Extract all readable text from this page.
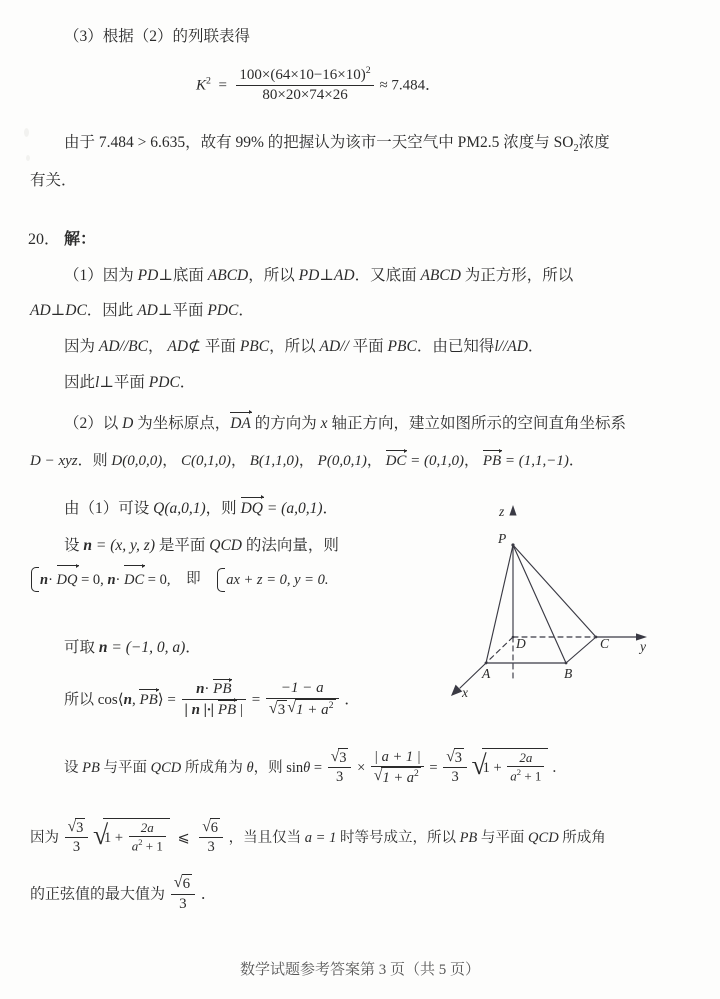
（3）根据（2）的列联表得
$K^2 = \frac{100\times(64\times 10-16\times 10)^2}{80\times 20\times 74\times 26} \approx 7.484$．
由于 7.484 > 6.635，故有 99% 的把握认为该市一天空气中 PM2.5 浓度与 $SO_2$浓度
有关．
20． 解：
（1）因为 PD⊥底面 ABCD，所以 PD⊥AD．又底面 ABCD 为正方形，所以
AD⊥DC．因此 AD⊥平面 PDC．
因为 AD//BC， AD⊄ 平面 PBC，所以 AD// 平面 PBC．由已知得l//AD．
因此l⊥平面 PDC．
（2）以 D 为坐标原点，DA 的方向为 x 轴正方向，建立如图所示的空间直角坐标系
D − xyz．则 D(0,0,0)， C(0,1,0)， B(1,1,0)， P(0,0,1)， DC = (0,1,0)， PB = (1,1,−1)．
由（1）可设 Q(a,0,1)，则 DQ = (a,0,1)．
设 n = (x, y, z) 是平面 QCD 的法向量，则
n· DQ = 0, n· DC = 0, 即 ax + z = 0, y = 0.
可取 n = (−1, 0, a)．
所以 cos⟨n, PB⟩ = $\frac{n\cdot PB}{| n |\cdot| PB |} = -1 - a$
√ 3 √ $1 + a^2$ ．
设 PB 与平面 QCD 所成角为 θ，则 sinθ = √ $\frac{3}{3}$ × | a + 1 |
√ $1 + a^2$ = √ $\frac{3}{3}$ √ $1 + \frac{2a}{a^2 + 1}$ ．
因为 √ $\frac{3}{3}$ √ $1 + \frac{2a}{a^2 + 1}$ ⩽ √ $\frac{6}{3}$ ，当且仅当 a = 1 时等号成立，所以 PB 与平面 QCD 所成角
的正弦值的最大值为 √ $\frac{6}{3}$ ．
z
y
x
P
D	C
A	B
数学试题参考答案第 3 页（共 5 页）
